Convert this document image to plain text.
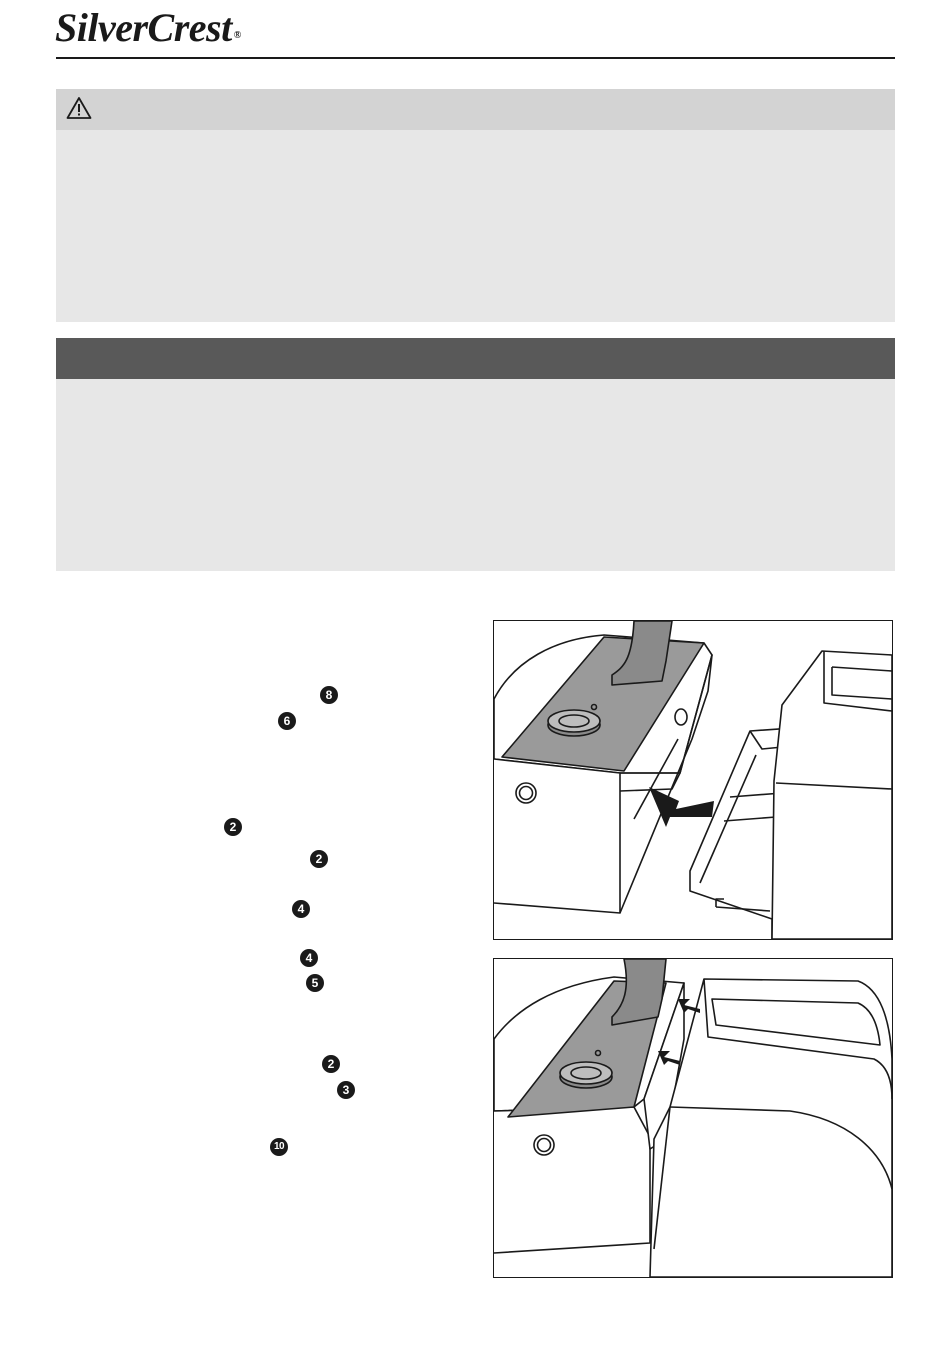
SilverCrest ®
8
6
2
2
4
4
5
2
3
10
